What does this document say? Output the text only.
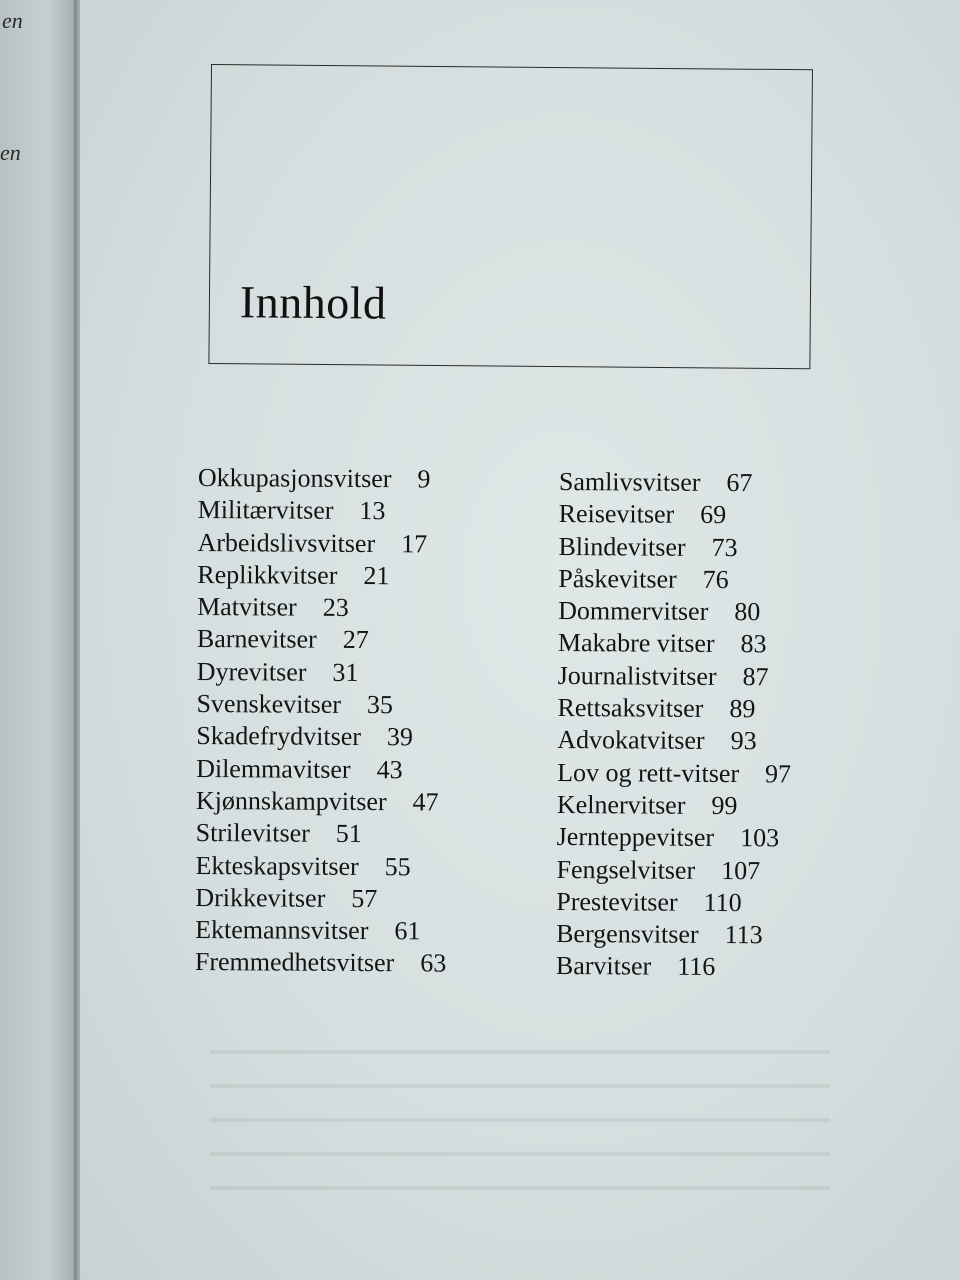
en
en
Innhold
Okkupasjonsvitser 9
Militærvitser 13
Arbeidslivsvitser 17
Replikkvitser 21
Matvitser 23
Barnevitser 27
Dyrevitser 31
Svenskevitser 35
Skadefrydvitser 39
Dilemmavitser 43
Kjønnskampvitser 47
Strilevitser 51
Ekteskapsvitser 55
Drikkevitser 57
Ektemannsvitser 61
Fremmedhetsvitser 63
Samlivsvitser 67
Reisevitser 69
Blindevitser 73
Påskevitser 76
Dommervitser 80
Makabre vitser 83
Journalistvitser 87
Rettsaksvitser 89
Advokatvitser 93
Lov og rett-vitser 97
Kelnervitser 99
Jernteppevitser 103
Fengselvitser 107
Prestevitser 110
Bergensvitser 113
Barvitser 116
